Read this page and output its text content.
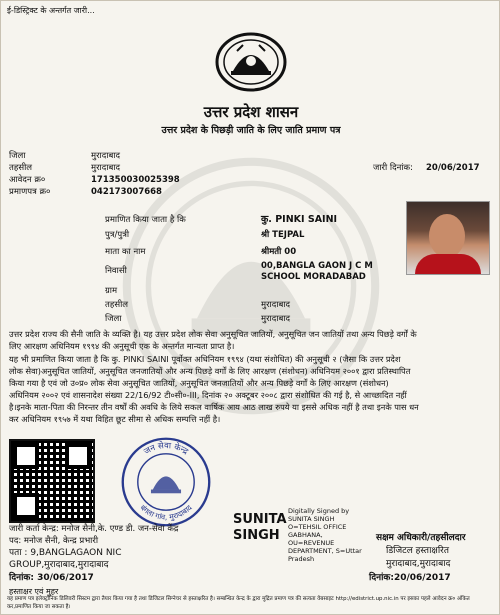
ई-डिस्ट्रिक्ट के अन्तर्गत जारी...
उत्तर प्रदेश शासन
उत्तर प्रदेश के पिछड़ी जाति के लिए जाति प्रमाण पत्र
जिला	मुरादाबाद
तहसील	मुरादाबाद
आवेदन क्र०	171350030025398
प्रमाणपत्र क्र०	042173007668
जारी दिनांक: 20/06/2017
प्रमाणित किया जाता है कि	कु. PINKI SAINI
पुत्र/पुत्री	श्री TEJPAL
माता का नाम	श्रीमती 00
निवासी	00,BANGLA GAON J C M
SCHOOL MORADABAD
ग्राम
तहसील	मुरादाबाद
जिला	मुरादाबाद
उत्तर प्रदेश राज्य की सैनी जाति के व्यक्ति है। यह उत्तर प्रदेश लोक सेवा अनुसूचित जातियों, अनुसूचित जन जातियों तथा अन्य पिछड़े वर्गों के
लिए आरक्षण अधिनियम १९९४ की अनुसूची एक के अन्तर्गत मान्यता प्राप्त है।
यह भी प्रमाणित किया जाता है कि कु. PINKI SAINI पूर्वोक्त अधिनियम १९९४ (यथा संशोधित) की अनुसूची २ (जैसा कि उत्तर प्रदेश
लोक सेवा)अनुसूचित जातियों, अनुसूचित जनजातियों और अन्य पिछड़े वर्गों के लिए आरक्षण (संशोधन) अधिनियम २००१ द्वारा प्रतिस्थापित
किया गया है एवं जो उ०प्र० लोक सेवा अनुसूचित जातियों, अनुसूचित जनजातियों और अन्य पिछड़े वर्गों के लिए आरक्षण (संशोधन)
अधिनियम २००२ एवं शासनादेश संख्या 22/16/92 टी०सी०-III, दिनांक २० अक्टूबर २००८ द्वारा संशोधित की गई है, से आच्छादित नहीं
है।इनके माता-पिता की निरन्तर तीन वर्षों की अवधि के लिये सकल वार्षिक आय आठ लाख रुपये या इससे अधिक नहीं है तथा इनके पास धन
कर अधिनियम १९५७ में यथा विहित छूट सीमा से अधिक सम्पत्ति नहीं है।
जन सेवा केन्द्र
बंगला गांव, मुरादाबाद
जारी कर्ता केन्द्र: मनोज सैनी,के. एण्ड डी. जन-सेवा केंद्र
पद: मनोज सैनी, केन्द्र प्रभारी
पता : 9,BANGLAGAON NIC
GROUP,मुरादाबाद,मुरादाबाद
दिनांक: 30/06/2017
हस्ताक्षर एवं मुहर
SUNITA
SINGH
Digitally Signed by SUNITA SINGH O=TEHSIL OFFICE GABHANA, OU=REVENUE DEPARTMENT, S=Uttar Pradesh
सक्षम अधिकारी/तहसीलदार
डिजिटल हस्ताक्षरित
मुरादाबाद,मुरादाबाद
दिनांक:20/06/2017
यह प्रमाण पत्र इलेक्ट्रॉनिक डिलिवरी सिस्टम द्वारा तैयार किया गया है तथा डिजिटल सिग्नेचर से हस्ताक्षरित है। सम्बन्धित केन्द्र के द्वारा मुद्रित प्रमाण पत्र की सत्यता वेबसाइट http://edistrict.up.nic.in पर इसका पहले आवेदन क्र० अंकित कर,प्रमाणित किया जा सकता है।
